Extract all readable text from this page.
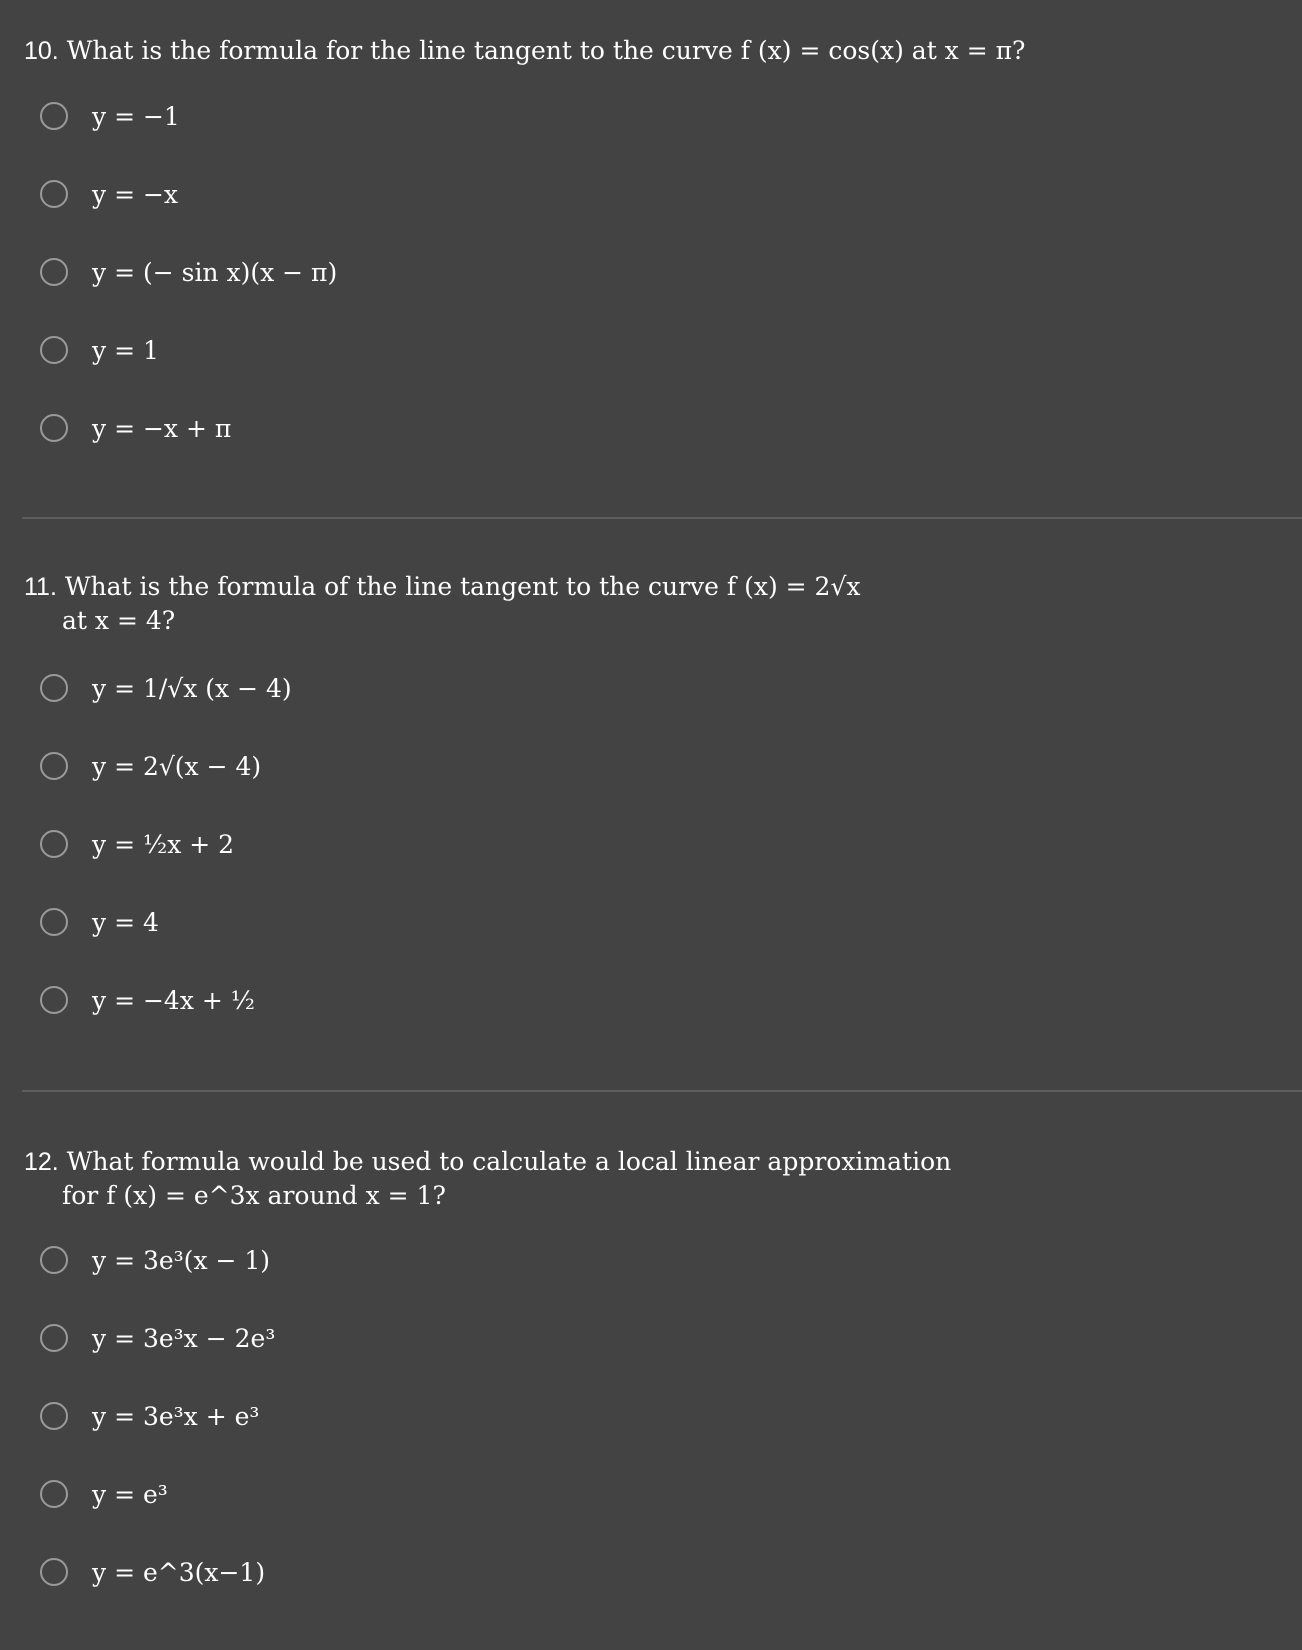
10. What is the formula for the line tangent to the curve f (x) = cos(x) at x = π?
y = −1
y = −x
y = (− sin x)(x − π)
y = 1
y = −x + π
11. What is the formula of the line tangent to the curve f (x) = 2√x
at x = 4?
y = 1/√x (x − 4)
y = 2√(x − 4)
y = ½x + 2
y = 4
y = −4x + ½
12. What formula would be used to calculate a local linear approximation
for f (x) = e^3x around x = 1?
y = 3e³(x − 1)
y = 3e³x − 2e³
y = 3e³x + e³
y = e³
y = e^3(x−1)
